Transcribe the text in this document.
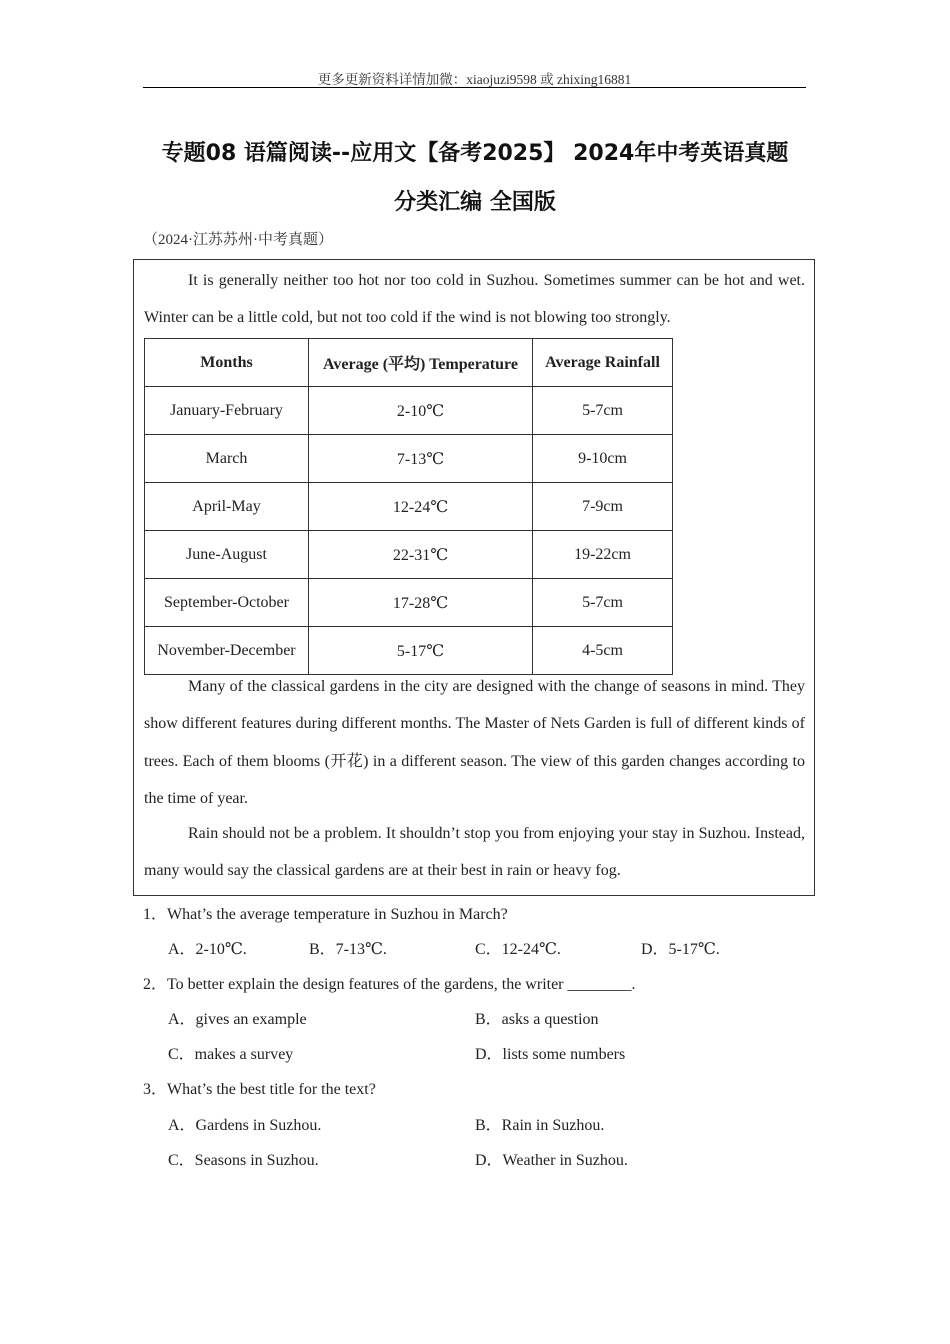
更多更新资料详情加微：xiaojuzi9598 或 zhixing16881
专题08 语篇阅读--应用文【备考2025】 2024年中考英语真题
分类汇编 全国版
（2024·江苏苏州·中考真题）

It is generally neither too hot nor too cold in Suzhou. Sometimes summer can be hot and wet. Winter can be a little cold, but not too cold if the wind is not blowing too strongly.

Months	Average (平均) Temperature	Average Rainfall
January-February	2-10℃	5-7cm
March	7-13℃	9-10cm
April-May	12-24℃	7-9cm
June-August	22-31℃	19-22cm
September-October	17-28℃	5-7cm
November-December	5-17℃	4-5cm

Many of the classical gardens in the city are designed with the change of seasons in mind. They show different features during different months. The Master of Nets Garden is full of different kinds of trees. Each of them blooms (开花) in a different season. The view of this garden changes according to the time of year.

Rain should not be a problem. It shouldn’t stop you from enjoying your stay in Suzhou. Instead, many would say the classical gardens are at their best in rain or heavy fog.

1．What’s the average temperature in Suzhou in March?
A．2-10℃.	B．7-13℃.	C．12-24℃.	D．5-17℃.
2．To better explain the design features of the gardens, the writer ________.
A．gives an example	B．asks a question
C．makes a survey	D．lists some numbers
3．What’s the best title for the text?
A．Gardens in Suzhou.	B．Rain in Suzhou.
C．Seasons in Suzhou.	D．Weather in Suzhou.
